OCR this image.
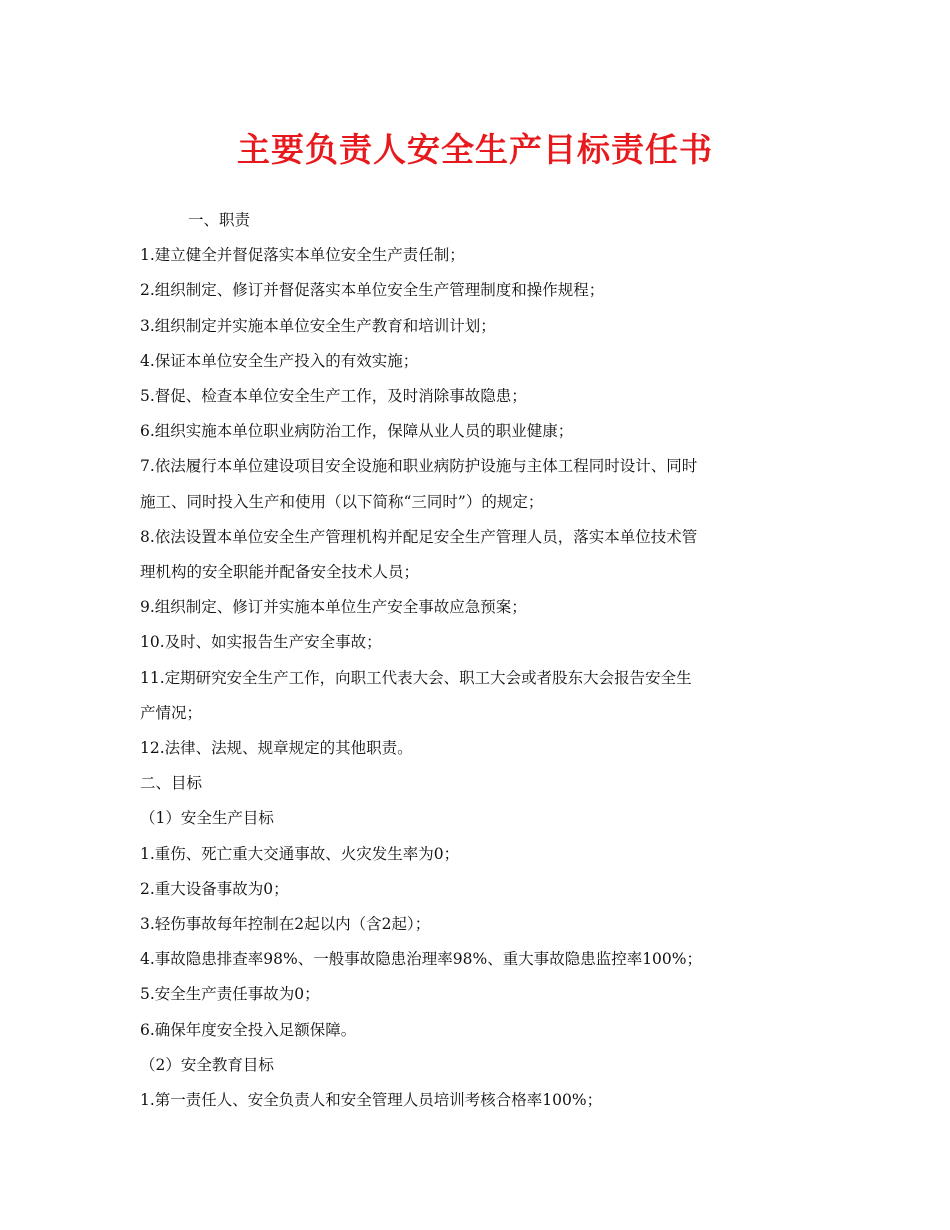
主要负责人安全生产目标责任书
一、职责
1.建立健全并督促落实本单位安全生产责任制；
2.组织制定、修订并督促落实本单位安全生产管理制度和操作规程；
3.组织制定并实施本单位安全生产教育和培训计划；
4.保证本单位安全生产投入的有效实施；
5.督促、检查本单位安全生产工作，及时消除事故隐患；
6.组织实施本单位职业病防治工作，保障从业人员的职业健康；
7.依法履行本单位建设项目安全设施和职业病防护设施与主体工程同时设计、同时
施工、同时投入生产和使用（以下简称“三同时”）的规定；
8.依法设置本单位安全生产管理机构并配足安全生产管理人员，落实本单位技术管
理机构的安全职能并配备安全技术人员；
9.组织制定、修订并实施本单位生产安全事故应急预案；
10.及时、如实报告生产安全事故；
11.定期研究安全生产工作，向职工代表大会、职工大会或者股东大会报告安全生
产情况；
12.法律、法规、规章规定的其他职责。
二、目标
（1）安全生产目标
1.重伤、死亡重大交通事故、火灾发生率为0；
2.重大设备事故为0；
3.轻伤事故每年控制在2起以内（含2起）；
4.事故隐患排查率98%、一般事故隐患治理率98%、重大事故隐患监控率100%；
5.安全生产责任事故为0；
6.确保年度安全投入足额保障。
（2）安全教育目标
1.第一责任人、安全负责人和安全管理人员培训考核合格率100%；
